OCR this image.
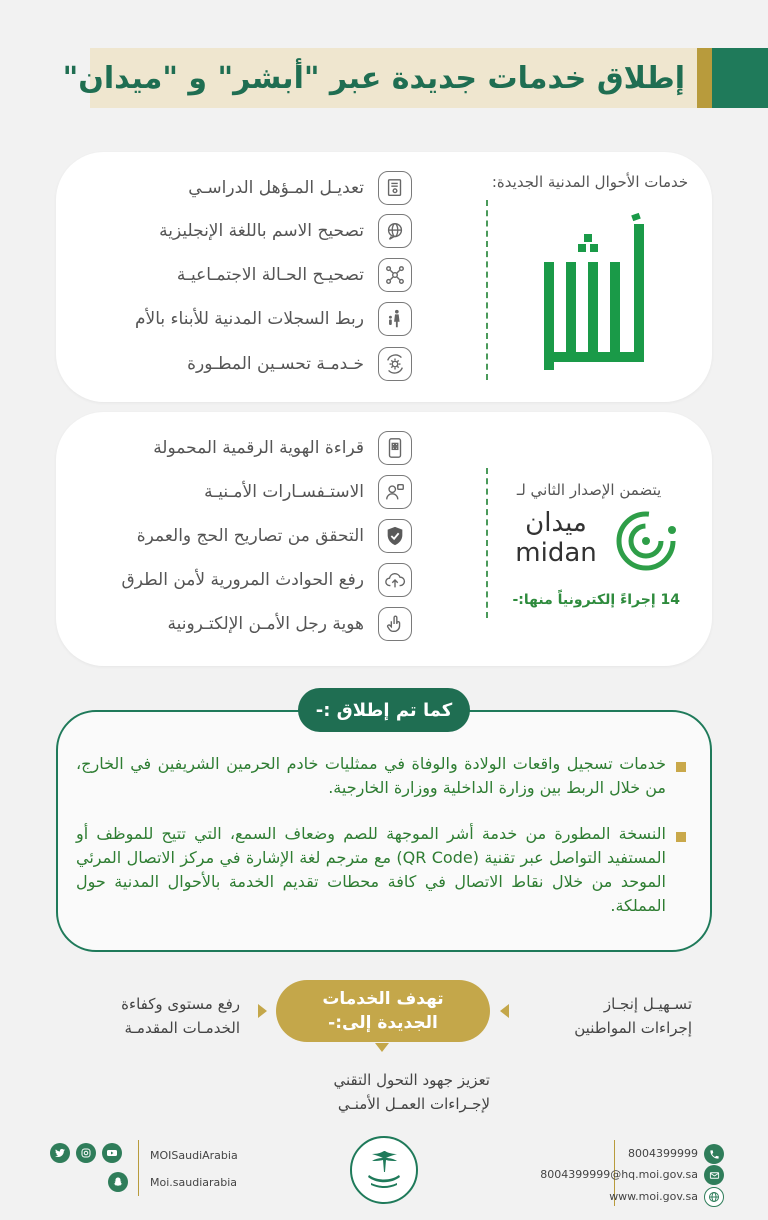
إطلاق خدمات جديدة عبر "أبشر" و "ميدان"
خدمات الأحوال المدنية الجديدة:
تعديـل المـؤهل الدراسـي
تصحيح الاسم باللغة الإنجليزية
تصحيـح الحـالة الاجتمـاعيـة
ربط السجلات المدنية للأبناء بالأم
خـدمـة تحسـين المطـورة
يتضمن الإصدار الثاني لـ
ميدان
midan
14 إجراءً إلكترونياً منها:-
قراءة الهوية الرقمية المحمولة
?
الاستـفسـارات الأمـنيـة
التحقق من تصاريح الحج والعمرة
رفع الحوادث المرورية لأمن الطرق
هوية رجل الأمـن الإلكتـرونية
خدمات تسجيل واقعات الولادة والوفاة في ممثليات خادم الحرمين الشريفين في الخارج، من خلال الربط بين وزارة الداخلية ووزارة الخارجية.
النسخة المطورة من خدمة أشر الموجهة للصم وضعاف السمع، التي تتيح للموظف أو المستفيد التواصل عبر تقنية (QR Code) مع مترجم لغة الإشارة في مركز الاتصال المرئي الموحد من خلال نقاط الاتصال في كافة محطات تقديم الخدمة بالأحوال المدنية حول المملكة.
كما تم إطلاق :-
تهدف الخدمات
الجديدة إلى:-
تسـهيـل إنجـاز
إجراءات المواطنين
رفع مستوى وكفاءة
الخدمـات المقدمـة
تعزيز جهود التحول التقني
لإجـراءات العمـل الأمنـي
MOISaudiArabia
Moi.saudiarabia
8004399999
8004399999@hq.moi.gov.sa
www.moi.gov.sa
